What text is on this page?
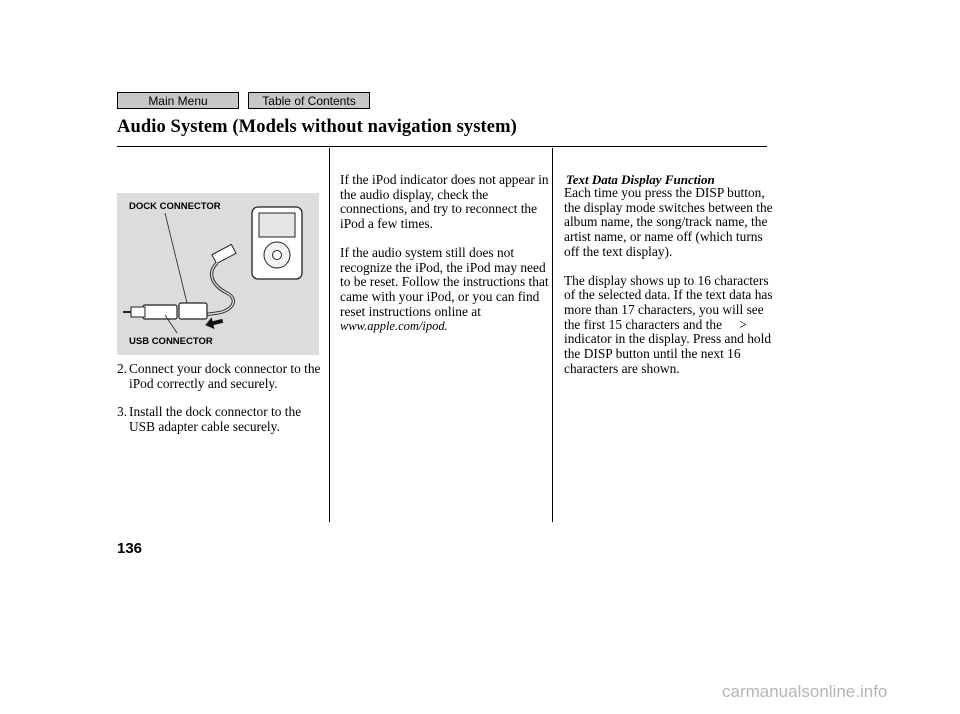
Main Menu	Table of Contents
Audio System (Models without navigation system)
DOCK CONNECTOR
USB CONNECTOR
2. Connect your dock connector to the iPod correctly and securely.
3. Install the dock connector to the USB adapter cable securely.

If the iPod indicator does not appear in the audio display, check the connections, and try to reconnect the iPod a few times.

If the audio system still does not recognize the iPod, the iPod may need to be reset. Follow the instructions that came with your iPod, or you can find reset instructions online at www.apple.com/ipod.

Text Data Display Function

Each time you press the DISP button, the display mode switches between the album name, the song/track name, the artist name, or name off (which turns off the text display).

The display shows up to 16 characters of the selected data. If the text data has more than 17 characters, you will see the first 15 characters and the > indicator in the display. Press and hold the DISP button until the next 16 characters are shown.

136
carmanualsonline.info
